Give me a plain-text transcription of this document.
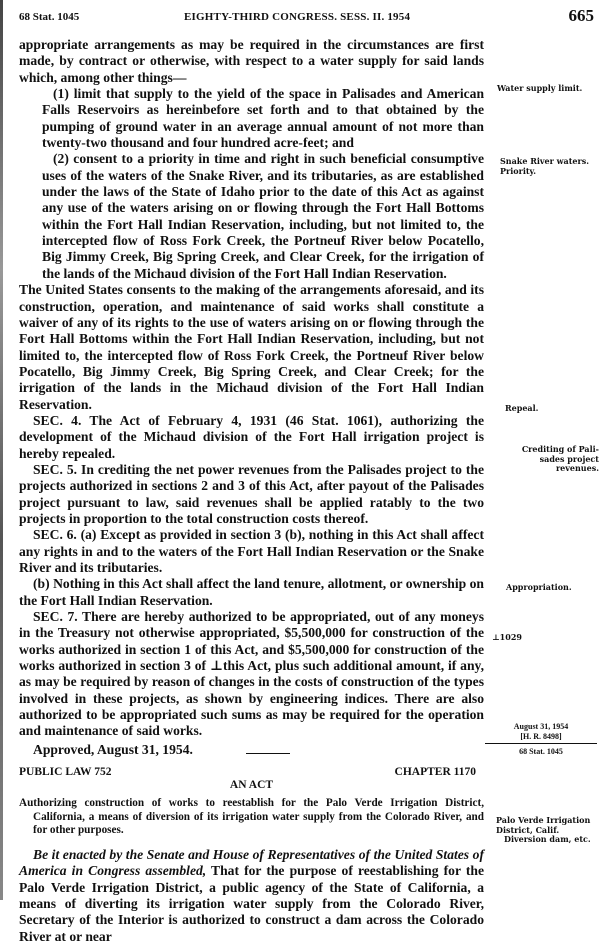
68 Stat. 1045	EIGHTY-THIRD CONGRESS. SESS. II. 1954	665

appropriate arrangements as may be required in the circumstances are first made, by contract or otherwise, with respect to a water supply for said lands which, among other things—

(1) limit that supply to the yield of the space in Palisades and American Falls Reservoirs as hereinbefore set forth and to that obtained by the pumping of ground water in an average annual amount of not more than twenty-two thousand and four hundred acre-feet; and

(2) consent to a priority in time and right in such beneficial consumptive uses of the waters of the Snake River, and its tributaries, as are established under the laws of the State of Idaho prior to the date of this Act as against any use of the waters arising on or flowing through the Fort Hall Bottoms within the Fort Hall Indian Reservation, including, but not limited to, the intercepted flow of Ross Fork Creek, the Portneuf River below Pocatello, Big Jimmy Creek, Big Spring Creek, and Clear Creek, for the irrigation of the lands of the Michaud division of the Fort Hall Indian Reservation.

The United States consents to the making of the arrangements aforesaid, and its construction, operation, and maintenance of said works shall constitute a waiver of any of its rights to the use of waters arising on or flowing through the Fort Hall Bottoms within the Fort Hall Indian Reservation, including, but not limited to, the intercepted flow of Ross Fork Creek, the Portneuf River below Pocatello, Big Jimmy Creek, Big Spring Creek, and Clear Creek; for the irrigation of the lands in the Michaud division of the Fort Hall Indian Reservation.

SEC. 4. The Act of February 4, 1931 (46 Stat. 1061), authorizing the development of the Michaud division of the Fort Hall irrigation project is hereby repealed.

SEC. 5. In crediting the net power revenues from the Palisades project to the projects authorized in sections 2 and 3 of this Act, after payout of the Palisades project pursuant to law, said revenues shall be applied ratably to the two projects in proportion to the total construction costs thereof.

SEC. 6. (a) Except as provided in section 3 (b), nothing in this Act shall affect any rights in and to the waters of the Fort Hall Indian Reservation or the Snake River and its tributaries.

(b) Nothing in this Act shall affect the land tenure, allotment, or ownership on the Fort Hall Indian Reservation.

SEC. 7. There are hereby authorized to be appropriated, out of any moneys in the Treasury not otherwise appropriated, $5,500,000 for construction of the works authorized in section 1 of this Act, and $5,500,000 for construction of the works authorized in section 3 of ⊥this Act, plus such additional amount, if any, as may be required by reason of changes in the costs of construction of the types involved in these projects, as shown by engineering indices. There are also authorized to be appropriated such sums as may be required for the operation and maintenance of said works.

Approved, August 31, 1954.

PUBLIC LAW 752	CHAPTER 1170

AN ACT

Authorizing construction of works to reestablish for the Palo Verde Irrigation District, California, a means of diversion of its irrigation water supply from the Colorado River, and for other purposes.

Be it enacted by the Senate and House of Representatives of the United States of America in Congress assembled, That for the purpose of reestablishing for the Palo Verde Irrigation District, a public agency of the State of California, a means of diverting its irrigation water supply from the Colorado River, Secretary of the Interior is authorized to construct a dam across the Colorado River at or near

Water supply limit.
Snake River waters.
Priority.
Repeal.
Crediting of Pali-
sades project revenues.
Appropriation.
⊥1029
August 31, 1954
[H. R. 8498]
68 Stat. 1045
Palo Verde Irrigation
District, Calif.
Diversion dam, etc.
